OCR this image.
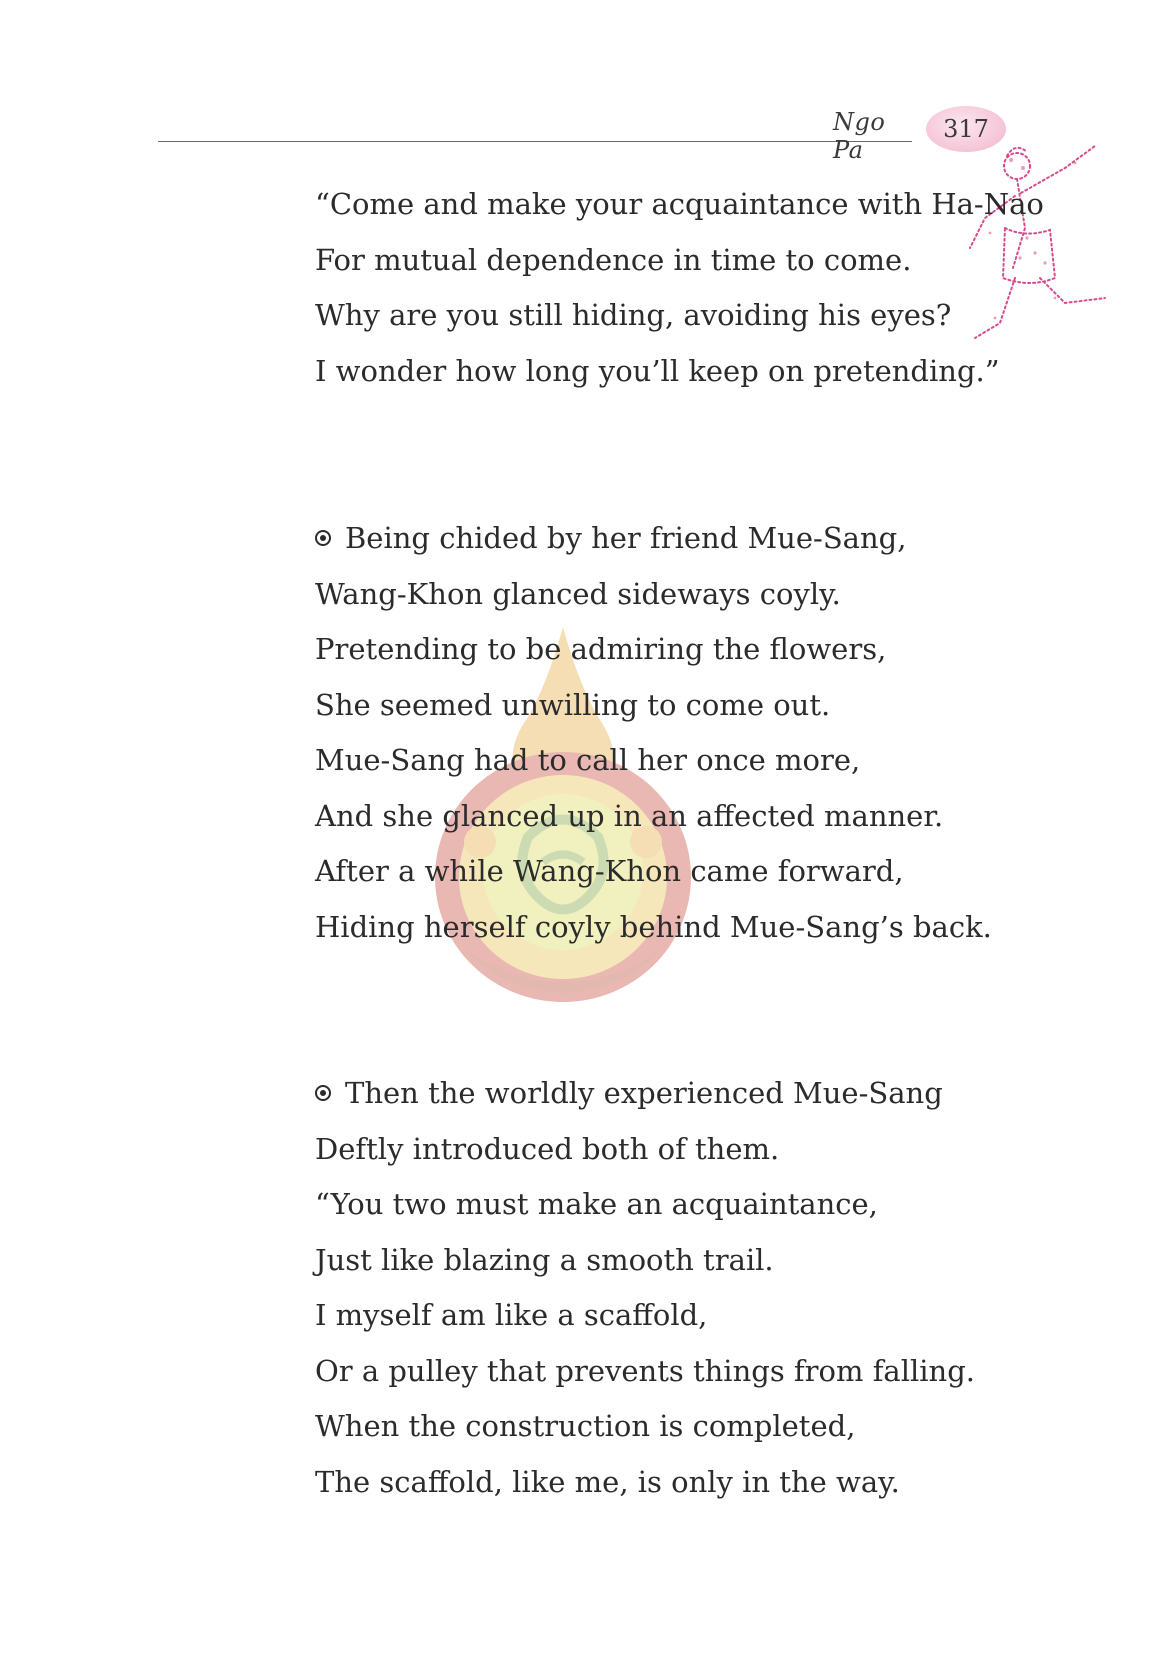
Ngo Pa
317
“Come and make your acquaintance with Ha-Nao
For mutual dependence in time to come.
Why are you still hiding, avoiding his eyes?
I wonder how long you’ll keep on pretending.”
Being chided by her friend Mue-Sang,
Wang-Khon glanced sideways coyly.
Pretending to be admiring the flowers,
She seemed unwilling to come out.
Mue-Sang had to call her once more,
And she glanced up in an affected manner.
After a while Wang-Khon came forward,
Hiding herself coyly behind Mue-Sang’s back.
Then the worldly experienced Mue-Sang
Deftly introduced both of them.
“You two must make an acquaintance,
Just like blazing a smooth trail.
I myself am like a scaffold,
Or a pulley that prevents things from falling.
When the construction is completed,
The scaffold, like me, is only in the way.
